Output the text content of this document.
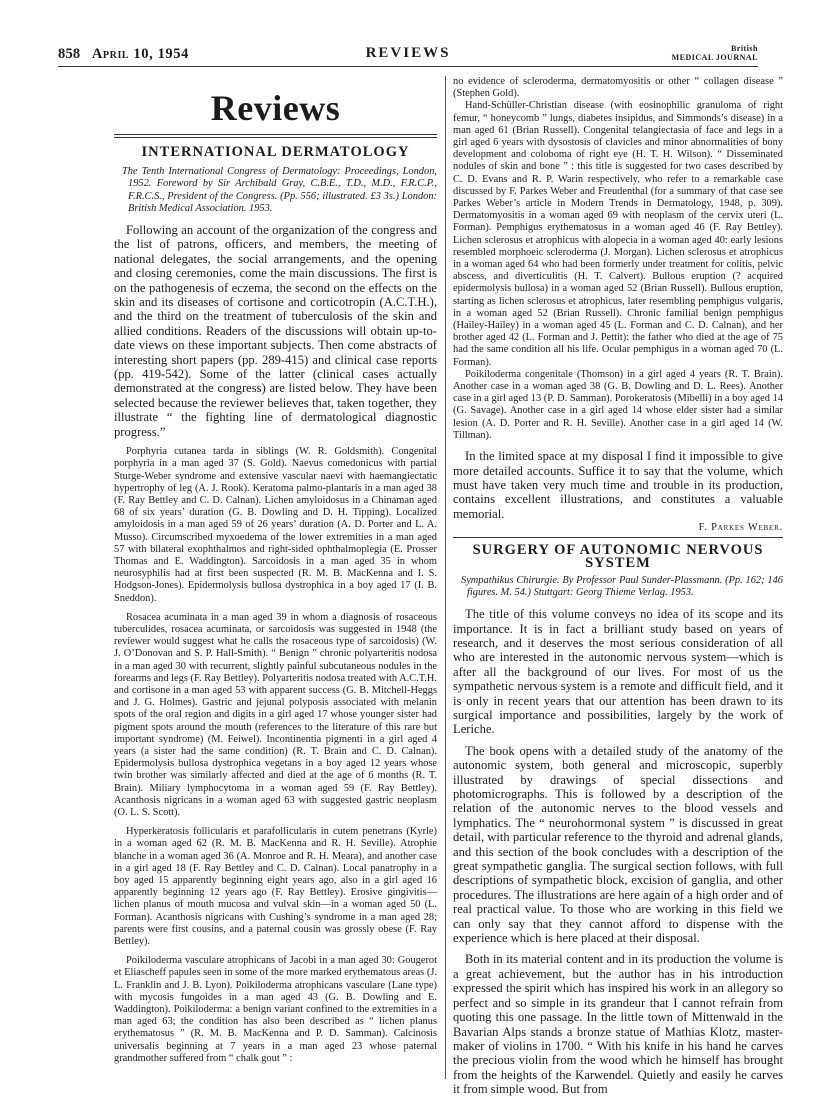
858 April 10, 1954	REVIEWS	British
MEDICAL JOURNAL
Reviews
INTERNATIONAL DERMATOLOGY

The Tenth International Congress of Dermatology: Proceedings, London, 1952. Foreword by Sir Archibald Gray, C.B.E., T.D., M.D., F.R.C.P., F.R.C.S., President of the Congress. (Pp. 556; illustrated. £3 3s.) London: British Medical Association. 1953.

Following an account of the organization of the congress and the list of patrons, officers, and members, the meeting of national delegates, the social arrangements, and the opening and closing ceremonies, come the main discussions. The first is on the pathogenesis of eczema, the second on the effects on the skin and its diseases of cortisone and corticotropin (A.C.T.H.), and the third on the treatment of tuberculosis of the skin and allied conditions. Readers of the discussions will obtain up-to-date views on these important subjects. Then come abstracts of interesting short papers (pp. 289-415) and clinical case reports (pp. 419-542). Some of the latter (clinical cases actually demonstrated at the congress) are listed below. They have been selected because the reviewer believes that, taken together, they illustrate “ the fighting line of dermatological diagnostic progress.”

Porphyria cutanea tarda in siblings (W. R. Goldsmith). Congenital porphyria in a man aged 37 (S. Gold). Naevus comedonicus with partial Sturge-Weber syndrome and extensive vascular naevi with haemangiectatic hypertrophy of leg (A. J. Rook). Keratoma palmo-plantaris in a man aged 38 (F. Ray Bettley and C. D. Calnan). Lichen amyloidosus in a Chinaman aged 68 of six years’ duration (G. B. Dowling and D. H. Tipping). Localized amyloidosis in a man aged 59 of 26 years’ duration (A. D. Porter and L. A. Musso). Circumscribed myxoedema of the lower extremities in a man aged 57 with bilateral exophthalmos and right-sided ophthalmoplegia (E. Prosser Thomas and E. Waddington). Sarcoidosis in a man aged 35 in whom neurosyphilis had at first been suspected (R. M. B. MacKenna and I. S. Hodgson-Jones). Epidermolysis bullosa dystrophica in a boy aged 17 (I. B. Sneddon).

Rosacea acuminata in a man aged 39 in whom a diagnosis of rosaceous tuberculides, rosacea acuminata, or sarcoidosis was suggested in 1948 (the reviewer would suggest what he calls the rosaceous type of sarcoidosis) (W. J. O’Donovan and S. P. Hall-Smith). “ Benign ” chronic polyarteritis nodosa in a man aged 30 with recurrent, slightly painful subcutaneous nodules in the forearms and legs (F. Ray Bettley). Polyarteritis nodosa treated with A.C.T.H. and cortisone in a man aged 53 with apparent success (G. B. Mitchell-Heggs and J. G. Holmes). Gastric and jejunal polyposis associated with melanin spots of the oral region and digits in a girl aged 17 whose younger sister had pigment spots around the mouth (references to the literature of this rare but important syndrome) (M. Feiwel). Incontinentia pigmenti in a girl aged 4 years (a sister had the same condition) (R. T. Brain and C. D. Calnan). Epidermolysis bullosa dystrophica vegetans in a boy aged 12 years whose twin brother was similarly affected and died at the age of 6 months (R. T. Brain). Miliary lymphocytoma in a woman aged 59 (F. Ray Bettley). Acanthosis nigricans in a woman aged 63 with suggested gastric neoplasm (O. L. S. Scott).

Hyperkeratosis follicularis et parafollicularis in cutem penetrans (Kyrle) in a woman aged 62 (R. M. B. MacKenna and R. H. Seville). Atrophie blanche in a woman aged 36 (A. Monroe and R. H. Meara), and another case in a girl aged 18 (F. Ray Bettley and C. D. Calnan). Local panatrophy in a boy aged 15 apparently beginning eight years ago, also in a girl aged 16 apparently beginning 12 years ago (F. Ray Bettley). Erosive gingivitis—lichen planus of mouth mucosa and vulval skin—in a woman aged 50 (L. Forman). Acanthosis nigricans with Cushing’s syndrome in a man aged 28; parents were first cousins, and a paternal cousin was grossly obese (F. Ray Bettley).

Poikiloderma vasculare atrophicans of Jacobi in a man aged 30: Gougerot et Eliascheff papules seen in some of the more marked erythematous areas (J. L. Franklin and J. B. Lyon). Poikiloderma atrophicans vasculare (Lane type) with mycosis fungoides in a man aged 43 (G. B. Dowling and E. Waddington). Poikiloderma: a benign variant confined to the extremities in a man aged 63; the condition has also been described as “ lichen planus erythematosus ” (R. M. B. MacKenna and P. D. Samman). Calcinosis universalis beginning at 7 years in a man aged 23 whose paternal grandmother suffered from “ chalk gout ” :

no evidence of scleroderma, dermatomyositis or other “ collagen disease ” (Stephen Gold).

Hand-Schüller-Christian disease (with eosinophilic granuloma of right femur, “ honeycomb ” lungs, diabetes insipidus, and Simmonds’s disease) in a man aged 61 (Brian Russell). Congenital telangiectasia of face and legs in a girl aged 6 years with dysostosis of clavicles and minor abnormalities of bony development and coloboma of right eye (H. T. H. Wilson). “ Disseminated nodules of skin and bone ” : this title is suggested for two cases described by C. D. Evans and R. P. Warin respectively, who refer to a remarkable case discussed by F. Parkes Weber and Freudenthal (for a summary of that case see Parkes Weber’s article in Modern Trends in Dermatology, 1948, p. 309). Dermatomyositis in a woman aged 69 with neoplasm of the cervix uteri (L. Forman). Pemphigus erythematosus in a woman aged 46 (F. Ray Bettley). Lichen sclerosus et atrophicus with alopecia in a woman aged 40: early lesions resembled morphoeic scleroderma (J. Morgan). Lichen sclerosus et atrophicus in a woman aged 64 who had been formerly under treatment for colitis, pelvic abscess, and diverticulitis (H. T. Calvert). Bullous eruption (? acquired epidermolysis bullosa) in a woman aged 52 (Brian Russell). Bullous eruption, starting as lichen sclerosus et atrophicus, later resembling pemphigus vulgaris, in a woman aged 52 (Brian Russell). Chronic familial benign pemphigus (Hailey-Hailey) in a woman aged 45 (L. Forman and C. D. Calnan), and her brother aged 42 (L. Forman and J. Pettit): the father who died at the age of 75 had the same condition all his life. Ocular pemphigus in a woman aged 70 (L. Forman).

Poikiloderma congenitale (Thomson) in a girl aged 4 years (R. T. Brain). Another case in a woman aged 38 (G. B. Dowling and D. L. Rees). Another case in a girl aged 13 (P. D. Samman). Porokeratosis (Mibelli) in a boy aged 14 (G. Savage). Another case in a girl aged 14 whose elder sister had a similar lesion (A. D. Porter and R. H. Seville). Another case in a girl aged 14 (W. Tillman).

In the limited space at my disposal I find it impossible to give more detailed accounts. Suffice it to say that the volume, which must have taken very much time and trouble in its production, contains excellent illustrations, and constitutes a valuable memorial.

F. Parkes Weber.
SURGERY OF AUTONOMIC NERVOUS SYSTEM

Sympathikus Chirurgie. By Professor Paul Sunder-Plassmann. (Pp. 162; 146 figures. M. 54.) Stuttgart: Georg Thieme Verlag. 1953.

The title of this volume conveys no idea of its scope and its importance. It is in fact a brilliant study based on years of research, and it deserves the most serious consideration of all who are interested in the autonomic nervous system—which is after all the background of our lives. For most of us the sympathetic nervous system is a remote and difficult field, and it is only in recent years that our attention has been drawn to its surgical importance and possibilities, largely by the work of Leriche.

The book opens with a detailed study of the anatomy of the autonomic system, both general and microscopic, superbly illustrated by drawings of special dissections and photomicrographs. This is followed by a description of the relation of the autonomic nerves to the blood vessels and lymphatics. The “ neurohormonal system ” is discussed in great detail, with particular reference to the thyroid and adrenal glands, and this section of the book concludes with a description of the great sympathetic ganglia. The surgical section follows, with full descriptions of sympathetic block, excision of ganglia, and other procedures. The illustrations are here again of a high order and of real practical value. To those who are working in this field we can only say that they cannot afford to dispense with the experience which is here placed at their disposal.

Both in its material content and in its production the volume is a great achievement, but the author has in his introduction expressed the spirit which has inspired his work in an allegory so perfect and so simple in its grandeur that I cannot refrain from quoting this one passage. In the little town of Mittenwald in the Bavarian Alps stands a bronze statue of Mathias Klotz, master-maker of violins in 1700. “ With his knife in his hand he carves the precious violin from the wood which he himself has brought from the heights of the Karwendel. Quietly and easily he carves it from simple wood. But from
